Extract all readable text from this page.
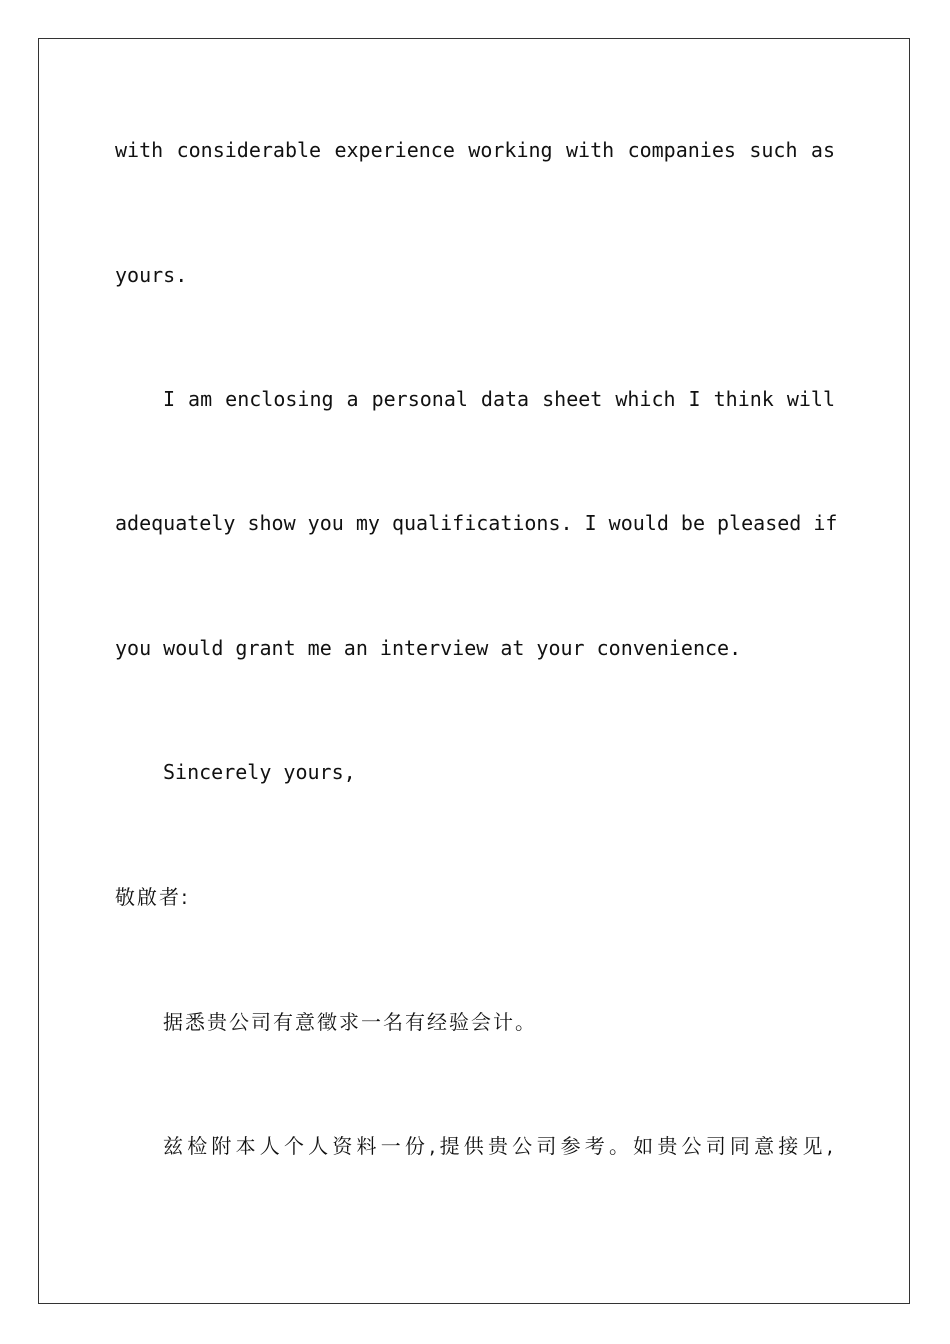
with considerable experience working with companies such as
yours.
I am enclosing a personal data sheet which I think will
adequately show you my qualifications. I would be pleased if
you would grant me an interview at your convenience.
Sincerely yours,
敬啟者:
据悉贵公司有意徵求一名有经验会计。
兹检附本人个人资料一份,提供贵公司参考。如贵公司同意接见,
